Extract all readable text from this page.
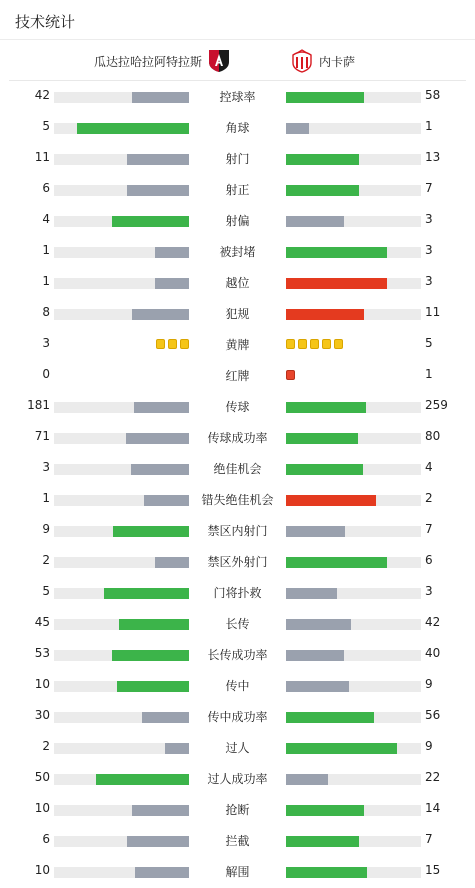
技术统计
瓜达拉哈拉阿特拉斯	内卡萨
42	控球率	58
5	角球	1
11	射门	13
6	射正	7
4	射偏	3
1	被封堵	3
1	越位	3
8	犯规	11
3	黄牌	5
0	红牌	1
181	传球	259
71	传球成功率	80
3	绝佳机会	4
1	错失绝佳机会	2
9	禁区内射门	7
2	禁区外射门	6
5	门将扑救	3
45	长传	42
53	长传成功率	40
10	传中	9
30	传中成功率	56
2	过人	9
50	过人成功率	22
10	抢断	14
6	拦截	7
10	解围	15
